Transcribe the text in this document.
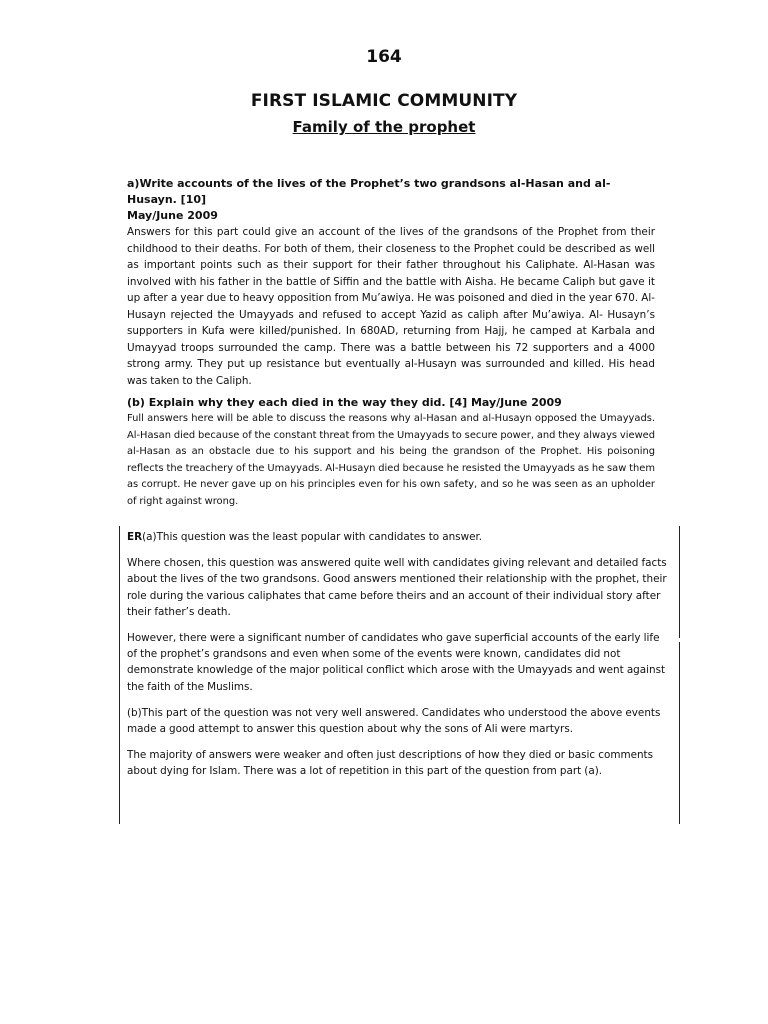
164
FIRST ISLAMIC COMMUNITY
Family of the prophet

a)Write accounts of the lives of the Prophet’s two grandsons al-Hasan and al-Husayn. [10]
May/June 2009

Answers for this part could give an account of the lives of the grandsons of the Prophet from their childhood to their deaths. For both of them, their closeness to the Prophet could be described as well as important points such as their support for their father throughout his Caliphate. Al-Hasan was involved with his father in the battle of Siffin and the battle with Aisha. He became Caliph but gave it up after a year due to heavy opposition from Mu’awiya. He was poisoned and died in the year 670. Al-Husayn rejected the Umayyads and refused to accept Yazid as caliph after Mu’awiya. Al- Husayn’s supporters in Kufa were killed/punished. In 680AD, returning from Hajj, he camped at Karbala and Umayyad troops surrounded the camp. There was a battle between his 72 supporters and a 4000 strong army. They put up resistance but eventually al-Husayn was surrounded and killed. His head was taken to the Caliph.

(b) Explain why they each died in the way they did. [4] May/June 2009

Full answers here will be able to discuss the reasons why al-Hasan and al-Husayn opposed the Umayyads. Al-Hasan died because of the constant threat from the Umayyads to secure power, and they always viewed al-Hasan as an obstacle due to his support and his being the grandson of the Prophet. His poisoning reflects the treachery of the Umayyads. Al-Husayn died because he resisted the Umayyads as he saw them as corrupt. He never gave up on his principles even for his own safety, and so he was seen as an upholder of right against wrong.

ER(a)This question was the least popular with candidates to answer.

Where chosen, this question was answered quite well with candidates giving relevant and detailed facts about the lives of the two grandsons. Good answers mentioned their relationship with the prophet, their role during the various caliphates that came before theirs and an account of their individual story after their father’s death.

However, there were a significant number of candidates who gave superficial accounts of the early life of the prophet’s grandsons and even when some of the events were known, candidates did not demonstrate knowledge of the major political conflict which arose with the Umayyads and went against the faith of the Muslims.

(b)This part of the question was not very well answered. Candidates who understood the above events made a good attempt to answer this question about why the sons of Ali were martyrs.

The majority of answers were weaker and often just descriptions of how they died or basic comments about dying for Islam. There was a lot of repetition in this part of the question from part (a).
